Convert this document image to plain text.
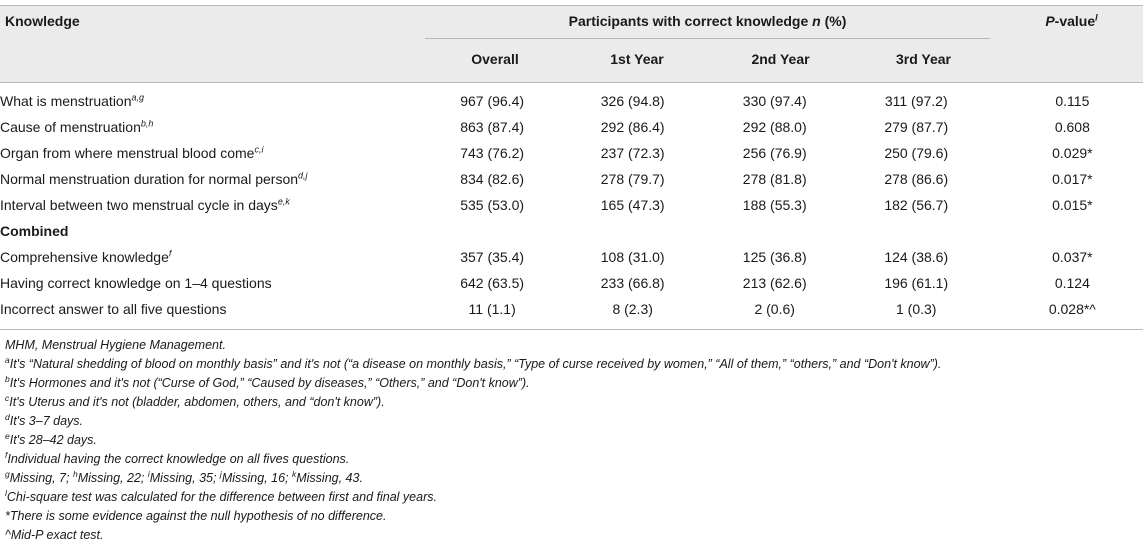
Knowledge	Participants with correct knowledge n (%)	P-value$^l$
Overall	1st Year	2nd Year	3rd Year
What is menstruation$^{a,g}$	967 (96.4)	326 (94.8)	330 (97.4)	311 (97.2)		0.115
Cause of menstruation$^{b,h}$	863 (87.4)	292 (86.4)	292 (88.0)	279 (87.7)		0.608
Organ from where menstrual blood come$^{c,i}$	743 (76.2)	237 (72.3)	256 (76.9)	250 (79.6)		0.029*
Normal menstruation duration for normal person$^{d,j}$	834 (82.6)	278 (79.7)	278 (81.8)	278 (86.6)		0.017*
Interval between two menstrual cycle in days$^{e,k}$	535 (53.0)	165 (47.3)	188 (55.3)	182 (56.7)		0.015*
Combined						
Comprehensive knowledge$^f$	357 (35.4)	108 (31.0)	125 (36.8)	124 (38.6)		0.037*
Having correct knowledge on 1–4 questions	642 (63.5)	233 (66.8)	213 (62.6)	196 (61.1)		0.124
Incorrect answer to all five questions	11 (1.1)	8 (2.3)	2 (0.6)	1 (0.3)		0.028*^
MHM, Menstrual Hygiene Management.
$^a$It's “Natural shedding of blood on monthly basis” and it's not (“a disease on monthly basis,” “Type of curse received by women,” “All of them,” “others,” and “Don't know”).
$^b$It's Hormones and it's not (“Curse of God,” “Caused by diseases,” “Others,” and “Don't know”).
$^c$It's Uterus and it's not (bladder, abdomen, others, and “don't know”).
$^d$It's 3–7 days.
$^e$It's 28–42 days.
$^f$Individual having the correct knowledge on all fives questions.
$^g$Missing, 7; $^h$Missing, 22; $^i$Missing, 35; $^j$Missing, 16; $^k$Missing, 43.
$^l$Chi-square test was calculated for the difference between first and final years.
*There is some evidence against the null hypothesis of no difference.
^Mid-P exact test.
